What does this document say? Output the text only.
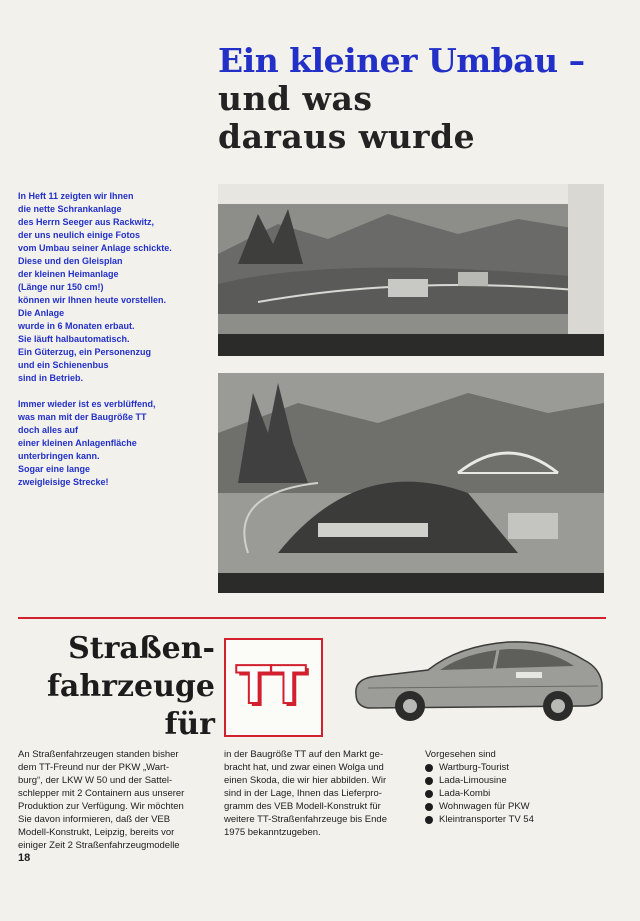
Ein kleiner Umbau –
und was
daraus wurde

In Heft 11 zeigten wir Ihnen
die nette Schrankanlage
des Herrn Seeger aus Rackwitz,
der uns neulich einige Fotos
vom Umbau seiner Anlage schickte.
Diese und den Gleisplan
der kleinen Heimanlage
(Länge nur 150 cm!)
können wir Ihnen heute vorstellen.
Die Anlage
wurde in 6 Monaten erbaut.
Sie läuft halbautomatisch.
Ein Güterzug, ein Personenzug
und ein Schienenbus
sind in Betrieb.

Immer wieder ist es verblüffend,
was man mit der Baugröße TT
doch alles auf
einer kleinen Anlagenfläche
unterbringen kann.
Sogar eine lange
zweigleisige Strecke!

Straßen-
fahrzeuge
für
TT
An Straßenfahrzeugen standen bisher
dem TT-Freund nur der PKW „Wart-
burg“, der LKW W 50 und der Sattel-
schlepper mit 2 Containern aus unserer
Produktion zur Verfügung. Wir möchten
Sie davon informieren, daß der VEB
Modell-Konstrukt, Leipzig, bereits vor
einiger Zeit 2 Straßenfahrzeugmodelle
in der Baugröße TT auf den Markt ge-
bracht hat, und zwar einen Wolga und
einen Skoda, die wir hier abbilden. Wir
sind in der Lage, Ihnen das Lieferpro-
gramm des VEB Modell-Konstrukt für
weitere TT-Straßenfahrzeuge bis Ende
1975 bekanntzugeben.
Vorgesehen sind
Wartburg-Tourist
Lada-Limousine
Lada-Kombi
Wohnwagen für PKW
Kleintransporter TV 54
18
